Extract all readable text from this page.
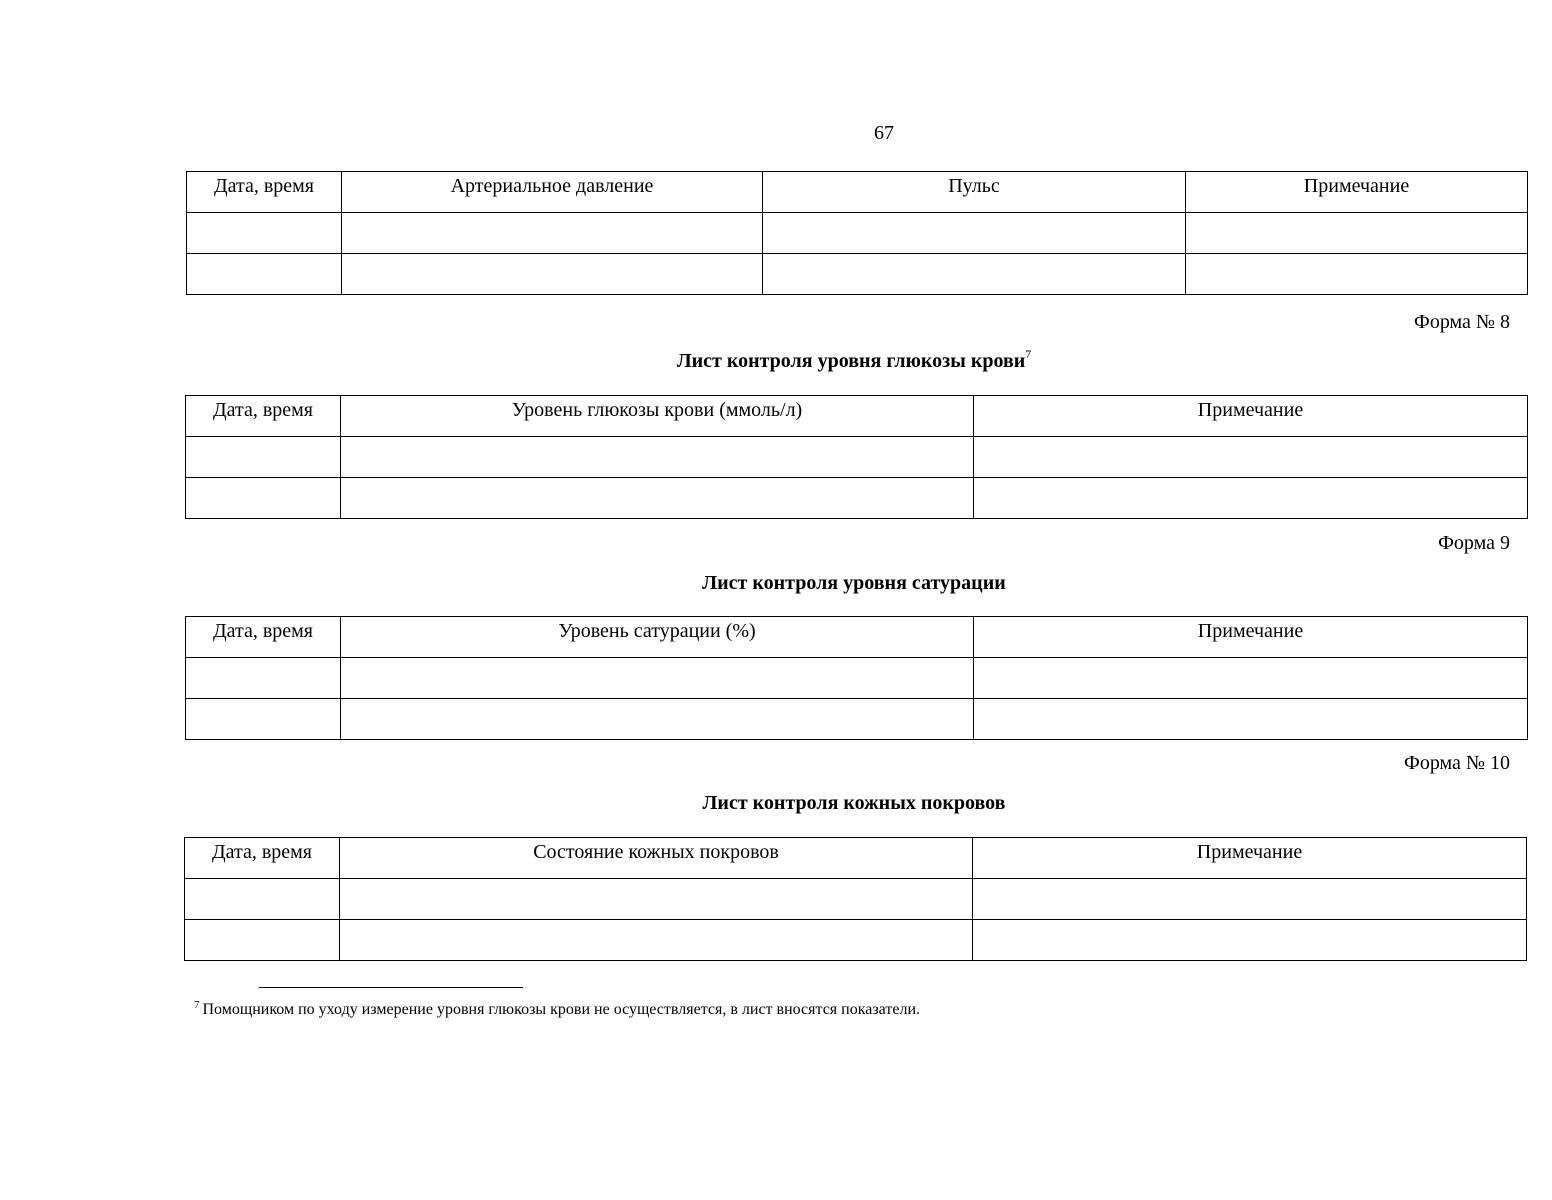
67
Дата, время	Артериальное давление	Пульс	Примечание

Форма № 8
Лист контроля уровня глюкозы крови$^7$
Дата, время	Уровень глюкозы крови (ммоль/л)	Примечание

Форма 9
Лист контроля уровня сатурации
Дата, время	Уровень сатурации (%)	Примечание

Форма № 10
Лист контроля кожных покровов
Дата, время	Состояние кожных покровов	Примечание

$^7$ Помощником по уходу измерение уровня глюкозы крови не осуществляется, в лист вносятся показатели.
